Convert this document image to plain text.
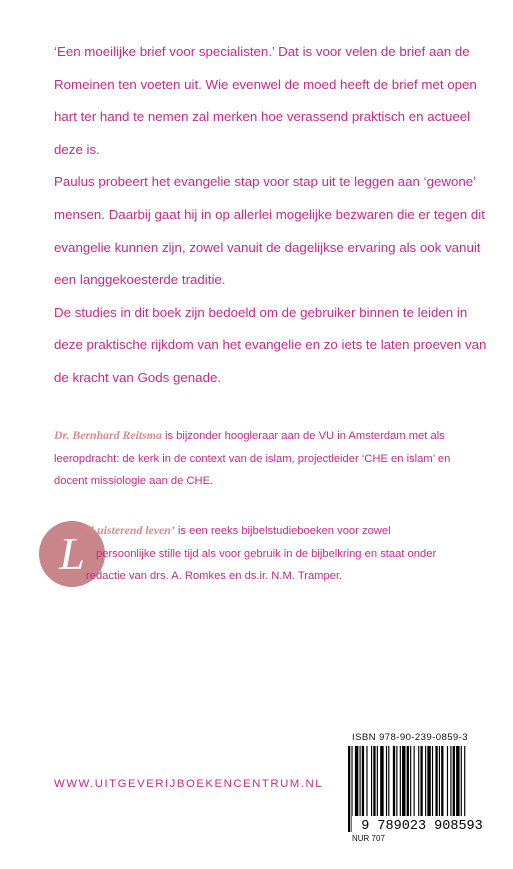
‘Een moeilijke brief voor specialisten.’ Dat is voor velen de brief aan de Romeinen ten voeten uit. Wie evenwel de moed heeft de brief met open hart ter hand te nemen zal merken hoe verassend praktisch en actueel deze is.

Paulus probeert het evangelie stap voor stap uit te leggen aan ‘gewone’ mensen. Daarbij gaat hij in op allerlei mogelijke bezwaren die er tegen dit evangelie kunnen zijn, zowel vanuit de dagelijkse ervaring als ook vanuit een langgekoesterde traditie.

De studies in dit boek zijn bedoeld om de gebruiker binnen te leiden in deze praktische rijkdom van het evangelie en zo iets te laten proeven van de kracht van Gods genade.

Dr. Bernhard Reitsma is bijzonder hoogleraar aan de VU in Amsterdam met als leeropdracht: de kerk in de context van de islam, projectleider ‘CHE en islam’ en docent missiologie aan de CHE.
L ‘Luisterend leven’ is een reeks bijbelstudieboeken voor zowel
persoonlijke stille tijd als voor gebruik in de bijbelkring en staat onder
redactie van drs. A. Romkes en ds.ir. N.M. Tramper.
WWW.UITGEVERIJBOEKENCENTRUM.NL
ISBN 978-90-239-0859-3
9 789023 908593
NUR 707
